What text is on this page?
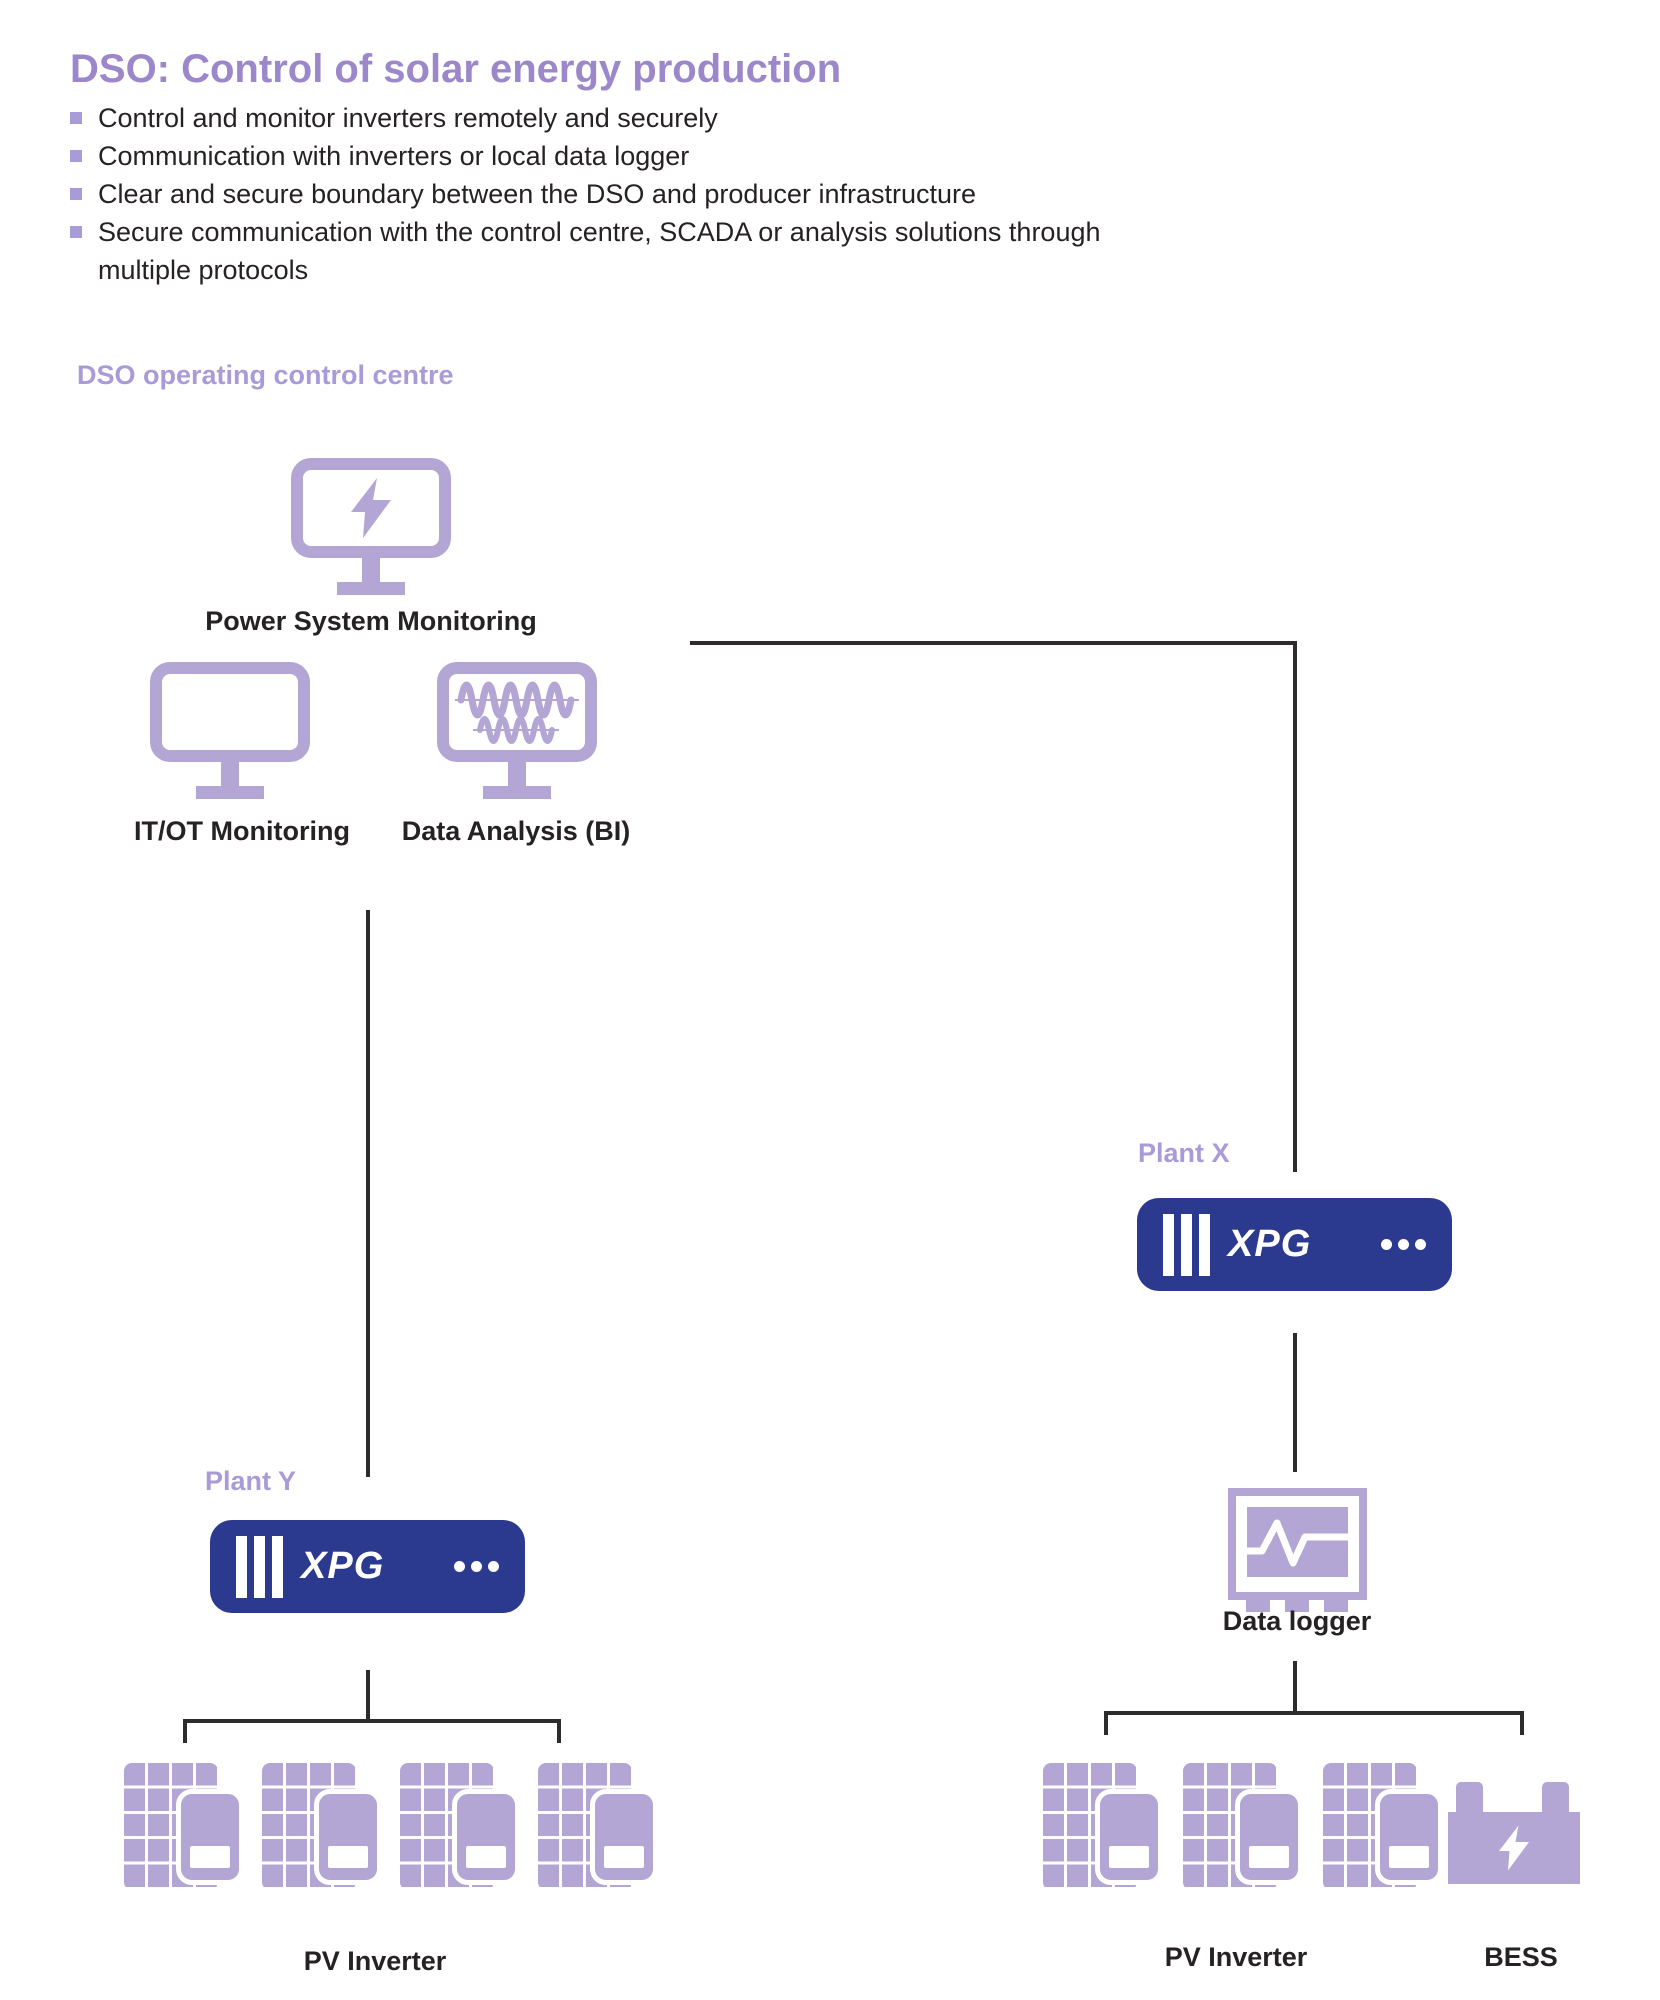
DSO: Control of solar energy production
Control and monitor inverters remotely and securely
Communication with inverters or local data logger
Clear and secure boundary between the DSO and producer infrastructure
Secure communication with the control centre, SCADA or analysis solutions through multiple protocols
DSO operating control centre
Power System Monitoring
IT/OT Monitoring	Data Analysis (BI)
Plant X
XPG
Data logger
PV Inverter	BESS
Plant Y
XPG
PV Inverter
